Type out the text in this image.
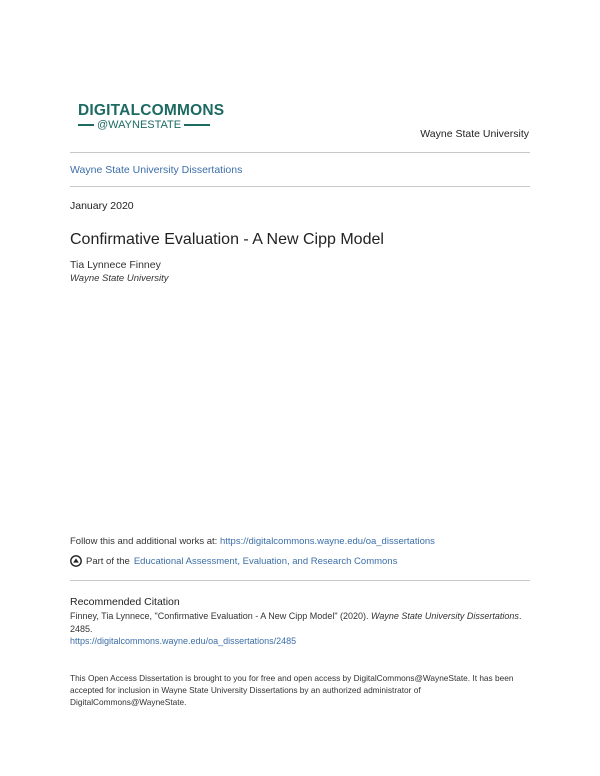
DIGITALCOMMONS
@WAYNESTATE
Wayne State University
Wayne State University Dissertations
January 2020
Confirmative Evaluation - A New Cipp Model
Tia Lynnece Finney
Wayne State University
Follow this and additional works at: https://digitalcommons.wayne.edu/oa_dissertations
Part of the Educational Assessment, Evaluation, and Research Commons
Recommended Citation
Finney, Tia Lynnece, "Confirmative Evaluation - A New Cipp Model" (2020). Wayne State University Dissertations. 2485.
https://digitalcommons.wayne.edu/oa_dissertations/2485
This Open Access Dissertation is brought to you for free and open access by DigitalCommons@WayneState. It has been accepted for inclusion in Wayne State University Dissertations by an authorized administrator of DigitalCommons@WayneState.
